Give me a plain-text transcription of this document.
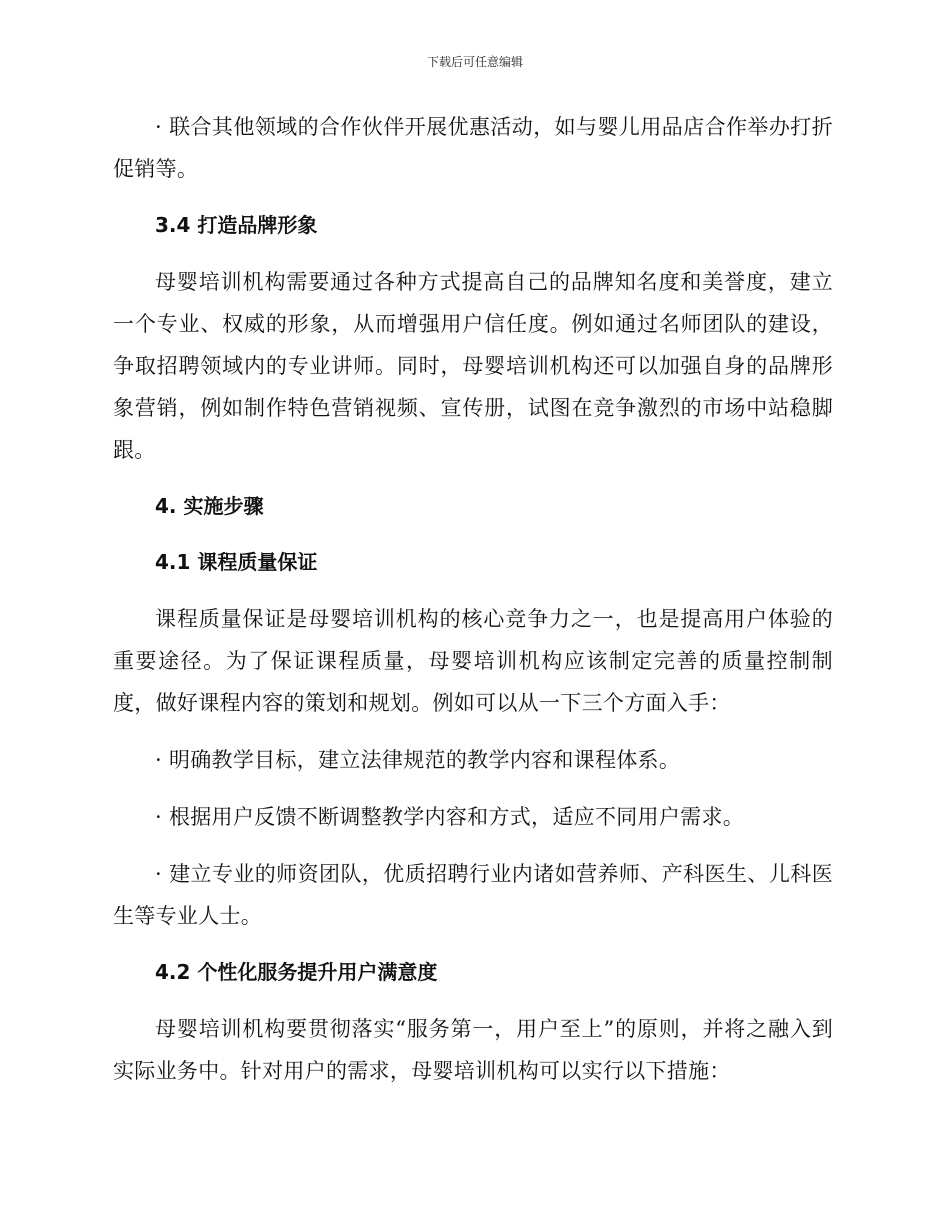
下载后可任意编辑

· 联合其他领域的合作伙伴开展优惠活动，如与婴儿用品店合作举办打折促销等。

3.4 打造品牌形象

母婴培训机构需要通过各种方式提高自己的品牌知名度和美誉度，建立一个专业、权威的形象，从而增强用户信任度。例如通过名师团队的建设，争取招聘领域内的专业讲师。同时，母婴培训机构还可以加强自身的品牌形象营销，例如制作特色营销视频、宣传册，试图在竞争激烈的市场中站稳脚跟。

4. 实施步骤
4.1 课程质量保证

课程质量保证是母婴培训机构的核心竞争力之一，也是提高用户体验的重要途径。为了保证课程质量，母婴培训机构应该制定完善的质量控制制度，做好课程内容的策划和规划。例如可以从一下三个方面入手：

· 明确教学目标，建立法律规范的教学内容和课程体系。

· 根据用户反馈不断调整教学内容和方式，适应不同用户需求。

· 建立专业的师资团队，优质招聘行业内诸如营养师、产科医生、儿科医生等专业人士。

4.2 个性化服务提升用户满意度

母婴培训机构要贯彻落实“服务第一，用户至上”的原则，并将之融入到实际业务中。针对用户的需求，母婴培训机构可以实行以下措施：
